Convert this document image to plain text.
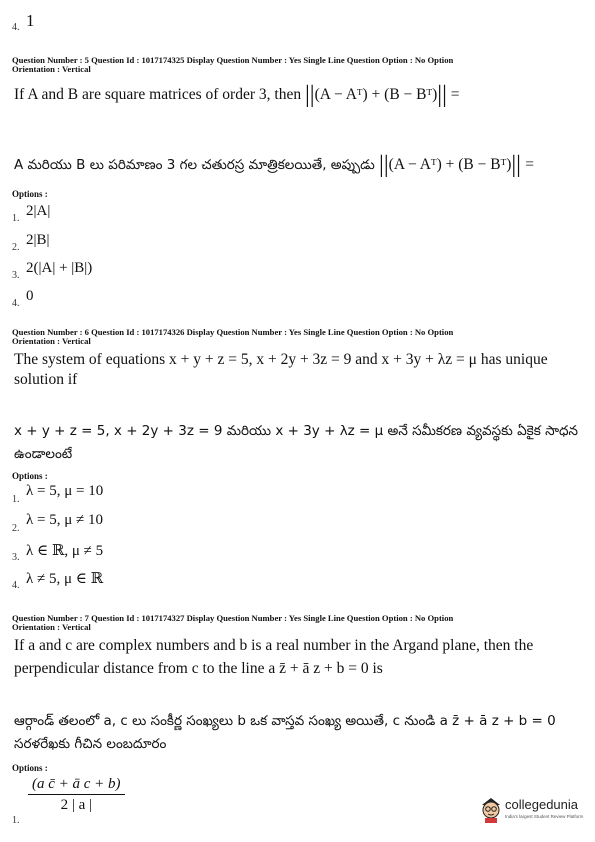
4. 1
Question Number : 5 Question Id : 1017174325 Display Question Number : Yes Single Line Question Option : No Option
Orientation : Vertical
If A and B are square matrices of order 3, then ||(A − Aᵀ) + (B − Bᵀ)|| =
A మరియు B లు పరిమాణం 3 గల చతురస్ర మాత్రికలయితే, అప్పుడు ||(A − Aᵀ) + (B − Bᵀ)|| =
Options :
1. 2|A|
2. 2|B|
3. 2(|A| + |B|)
4. 0
Question Number : 6 Question Id : 1017174326 Display Question Number : Yes Single Line Question Option : No Option
Orientation : Vertical
The system of equations x + y + z = 5, x + 2y + 3z = 9 and x + 3y + λz = μ has unique
solution if
x + y + z = 5, x + 2y + 3z = 9 మరియు x + 3y + λz = μ అనే సమీకరణ వ్యవస్థకు ఏకైక సాధన
ఉండాలంటే
Options :
1.
λ = 5, μ = 10
2.
λ = 5, μ ≠ 10
3. λ ∈ ℝ, μ ≠ 5
4. λ ≠ 5, μ ∈ ℝ
Question Number : 7 Question Id : 1017174327 Display Question Number : Yes Single Line Question Option : No Option
Orientation : Vertical
If a and c are complex numbers and b is a real number in the Argand plane, then the
perpendicular distance from c to the line a z̄ + ā z + b = 0 is
ఆర్గాండ్ తలంలో a, c లు సంకీర్ణ సంఖ్యలు b ఒక వాస్తవ సంఖ్య అయితే, c నుండి a z̄ + ā z + b = 0
సరళరేఖకు గీచిన లంబదూరం
Options :
1.
$\frac{\text{(a c̄ + ā c + b)}}{2 | a |}$	collegedunia
India's largest Student Review Platform
